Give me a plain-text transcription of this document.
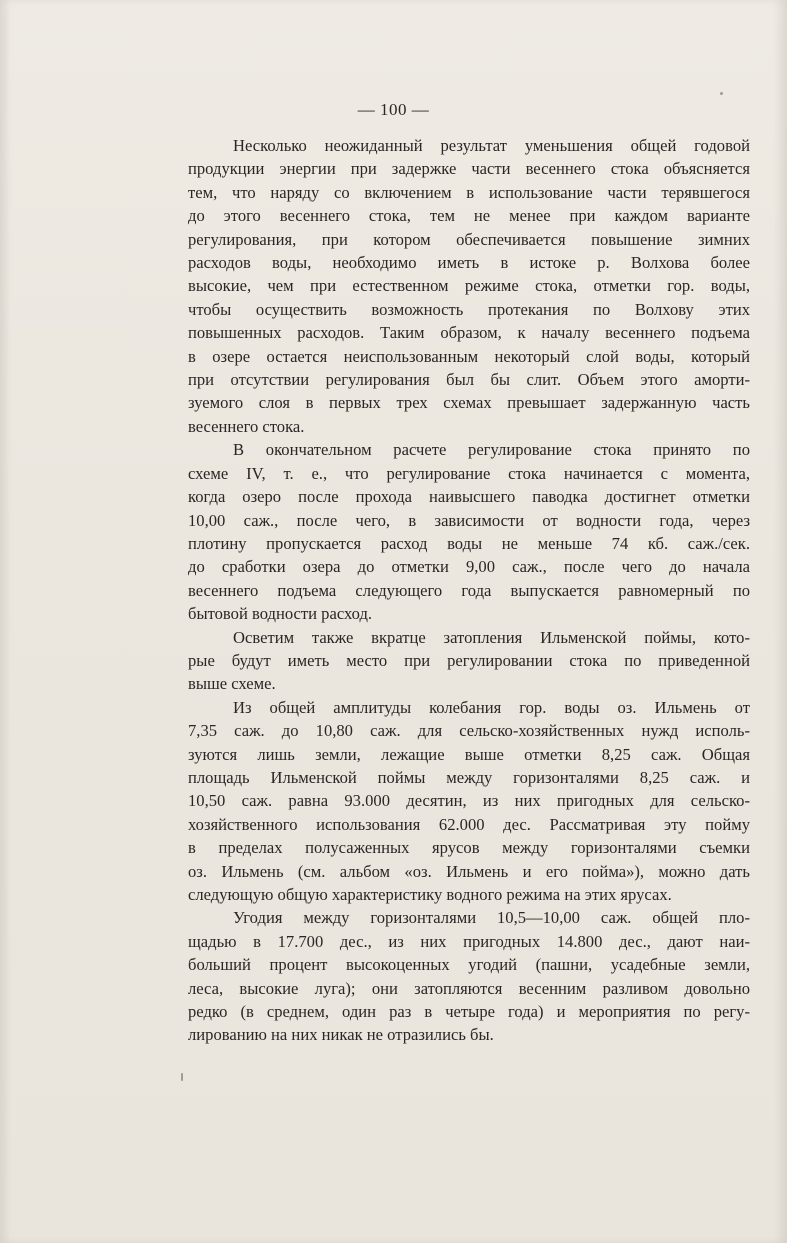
— 100 —
Несколько неожиданный результат уменьшения общей годовой
продукции энергии при задержке части весеннего стока объясняется
тем, что наряду со включением в использование части терявшегося
до этого весеннего стока, тем не менее при каждом варианте
регулирования, при котором обеспечивается повышение зимних
расходов воды, необходимо иметь в истоке р. Волхова более
высокие, чем при естественном режиме стока, отметки гор. воды,
чтобы осуществить возможность протекания по Волхову этих
повышенных расходов. Таким образом, к началу весеннего подъема
в озере остается неиспользованным некоторый слой воды, который
при отсутствии регулирования был бы слит. Объем этого аморти-
зуемого слоя в первых трех схемах превышает задержанную часть
весеннего стока.
В окончательном расчете регулирование стока принято по
схеме IV, т. е., что регулирование стока начинается с момента,
когда озеро после прохода наивысшего паводка достигнет отметки
10,00 саж., после чего, в зависимости от водности года, через
плотину пропускается расход воды не меньше 74 кб. саж./сек.
до сработки озера до отметки 9,00 саж., после чего до начала
весеннего подъема следующего года выпускается равномерный по
бытовой водности расход.
Осветим также вкратце затопления Ильменской поймы, кото-
рые будут иметь место при регулировании стока по приведенной
выше схеме.
Из общей амплитуды колебания гор. воды оз. Ильмень от
7,35 саж. до 10,80 саж. для сельско-хозяйственных нужд исполь-
зуются лишь земли, лежащие выше отметки 8,25 саж. Общая
площадь Ильменской поймы между горизонталями 8,25 саж. и
10,50 саж. равна 93.000 десятин, из них пригодных для сельско-
хозяйственного использования 62.000 дес. Рассматривая эту пойму
в пределах полусаженных ярусов между горизонталями съемки
оз. Ильмень (см. альбом «оз. Ильмень и его пойма»), можно дать
следующую общую характеристику водного режима на этих ярусах.
Угодия между горизонталями 10,5—10,00 саж. общей пло-
щадью в 17.700 дес., из них пригодных 14.800 дес., дают наи-
больший процент высокоценных угодий (пашни, усадебные земли,
леса, высокие луга); они затопляются весенним разливом довольно
редко (в среднем, один раз в четыре года) и мероприятия по регу-
лированию на них никак не отразились бы.
